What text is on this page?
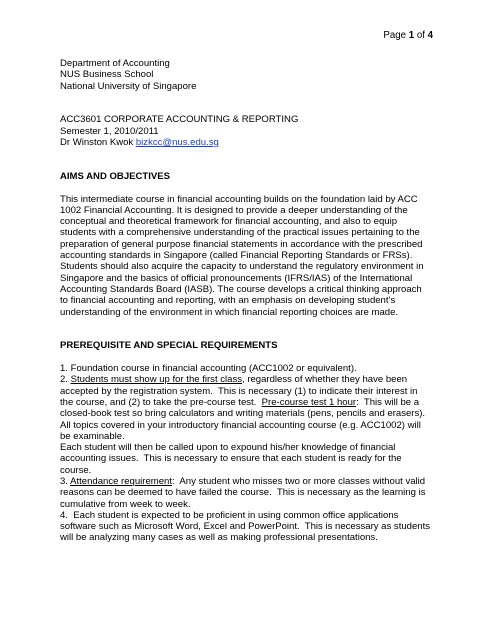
Page 1 of 4
Department of Accounting
NUS Business School
National University of Singapore
ACC3601 CORPORATE ACCOUNTING & REPORTING
Semester 1, 2010/2011
Dr Winston Kwok bizkcc@nus.edu.sg
AIMS AND OBJECTIVES
This intermediate course in financial accounting builds on the foundation laid by ACC
1002 Financial Accounting. It is designed to provide a deeper understanding of the
conceptual and theoretical framework for financial accounting, and also to equip
students with a comprehensive understanding of the practical issues pertaining to the
preparation of general purpose financial statements in accordance with the prescribed
accounting standards in Singapore (called Financial Reporting Standards or FRSs).
Students should also acquire the capacity to understand the regulatory environment in
Singapore and the basics of official pronouncements (IFRS/IAS) of the International
Accounting Standards Board (IASB). The course develops a critical thinking approach
to financial accounting and reporting, with an emphasis on developing student’s
understanding of the environment in which financial reporting choices are made.
PREREQUISITE AND SPECIAL REQUIREMENTS
1. Foundation course in financial accounting (ACC1002 or equivalent).
2. Students must show up for the first class, regardless of whether they have been
accepted by the registration system.  This is necessary (1) to indicate their interest in
the course, and (2) to take the pre-course test.  Pre-course test 1 hour:  This will be a
closed-book test so bring calculators and writing materials (pens, pencils and erasers).
All topics covered in your introductory financial accounting course (e.g. ACC1002) will
be examinable.
Each student will then be called upon to expound his/her knowledge of financial
accounting issues.  This is necessary to ensure that each student is ready for the
course.
3. Attendance requirement:  Any student who misses two or more classes without valid
reasons can be deemed to have failed the course.  This is necessary as the learning is
cumulative from week to week.
4.  Each student is expected to be proficient in using common office applications
software such as Microsoft Word, Excel and PowerPoint.  This is necessary as students
will be analyzing many cases as well as making professional presentations.
